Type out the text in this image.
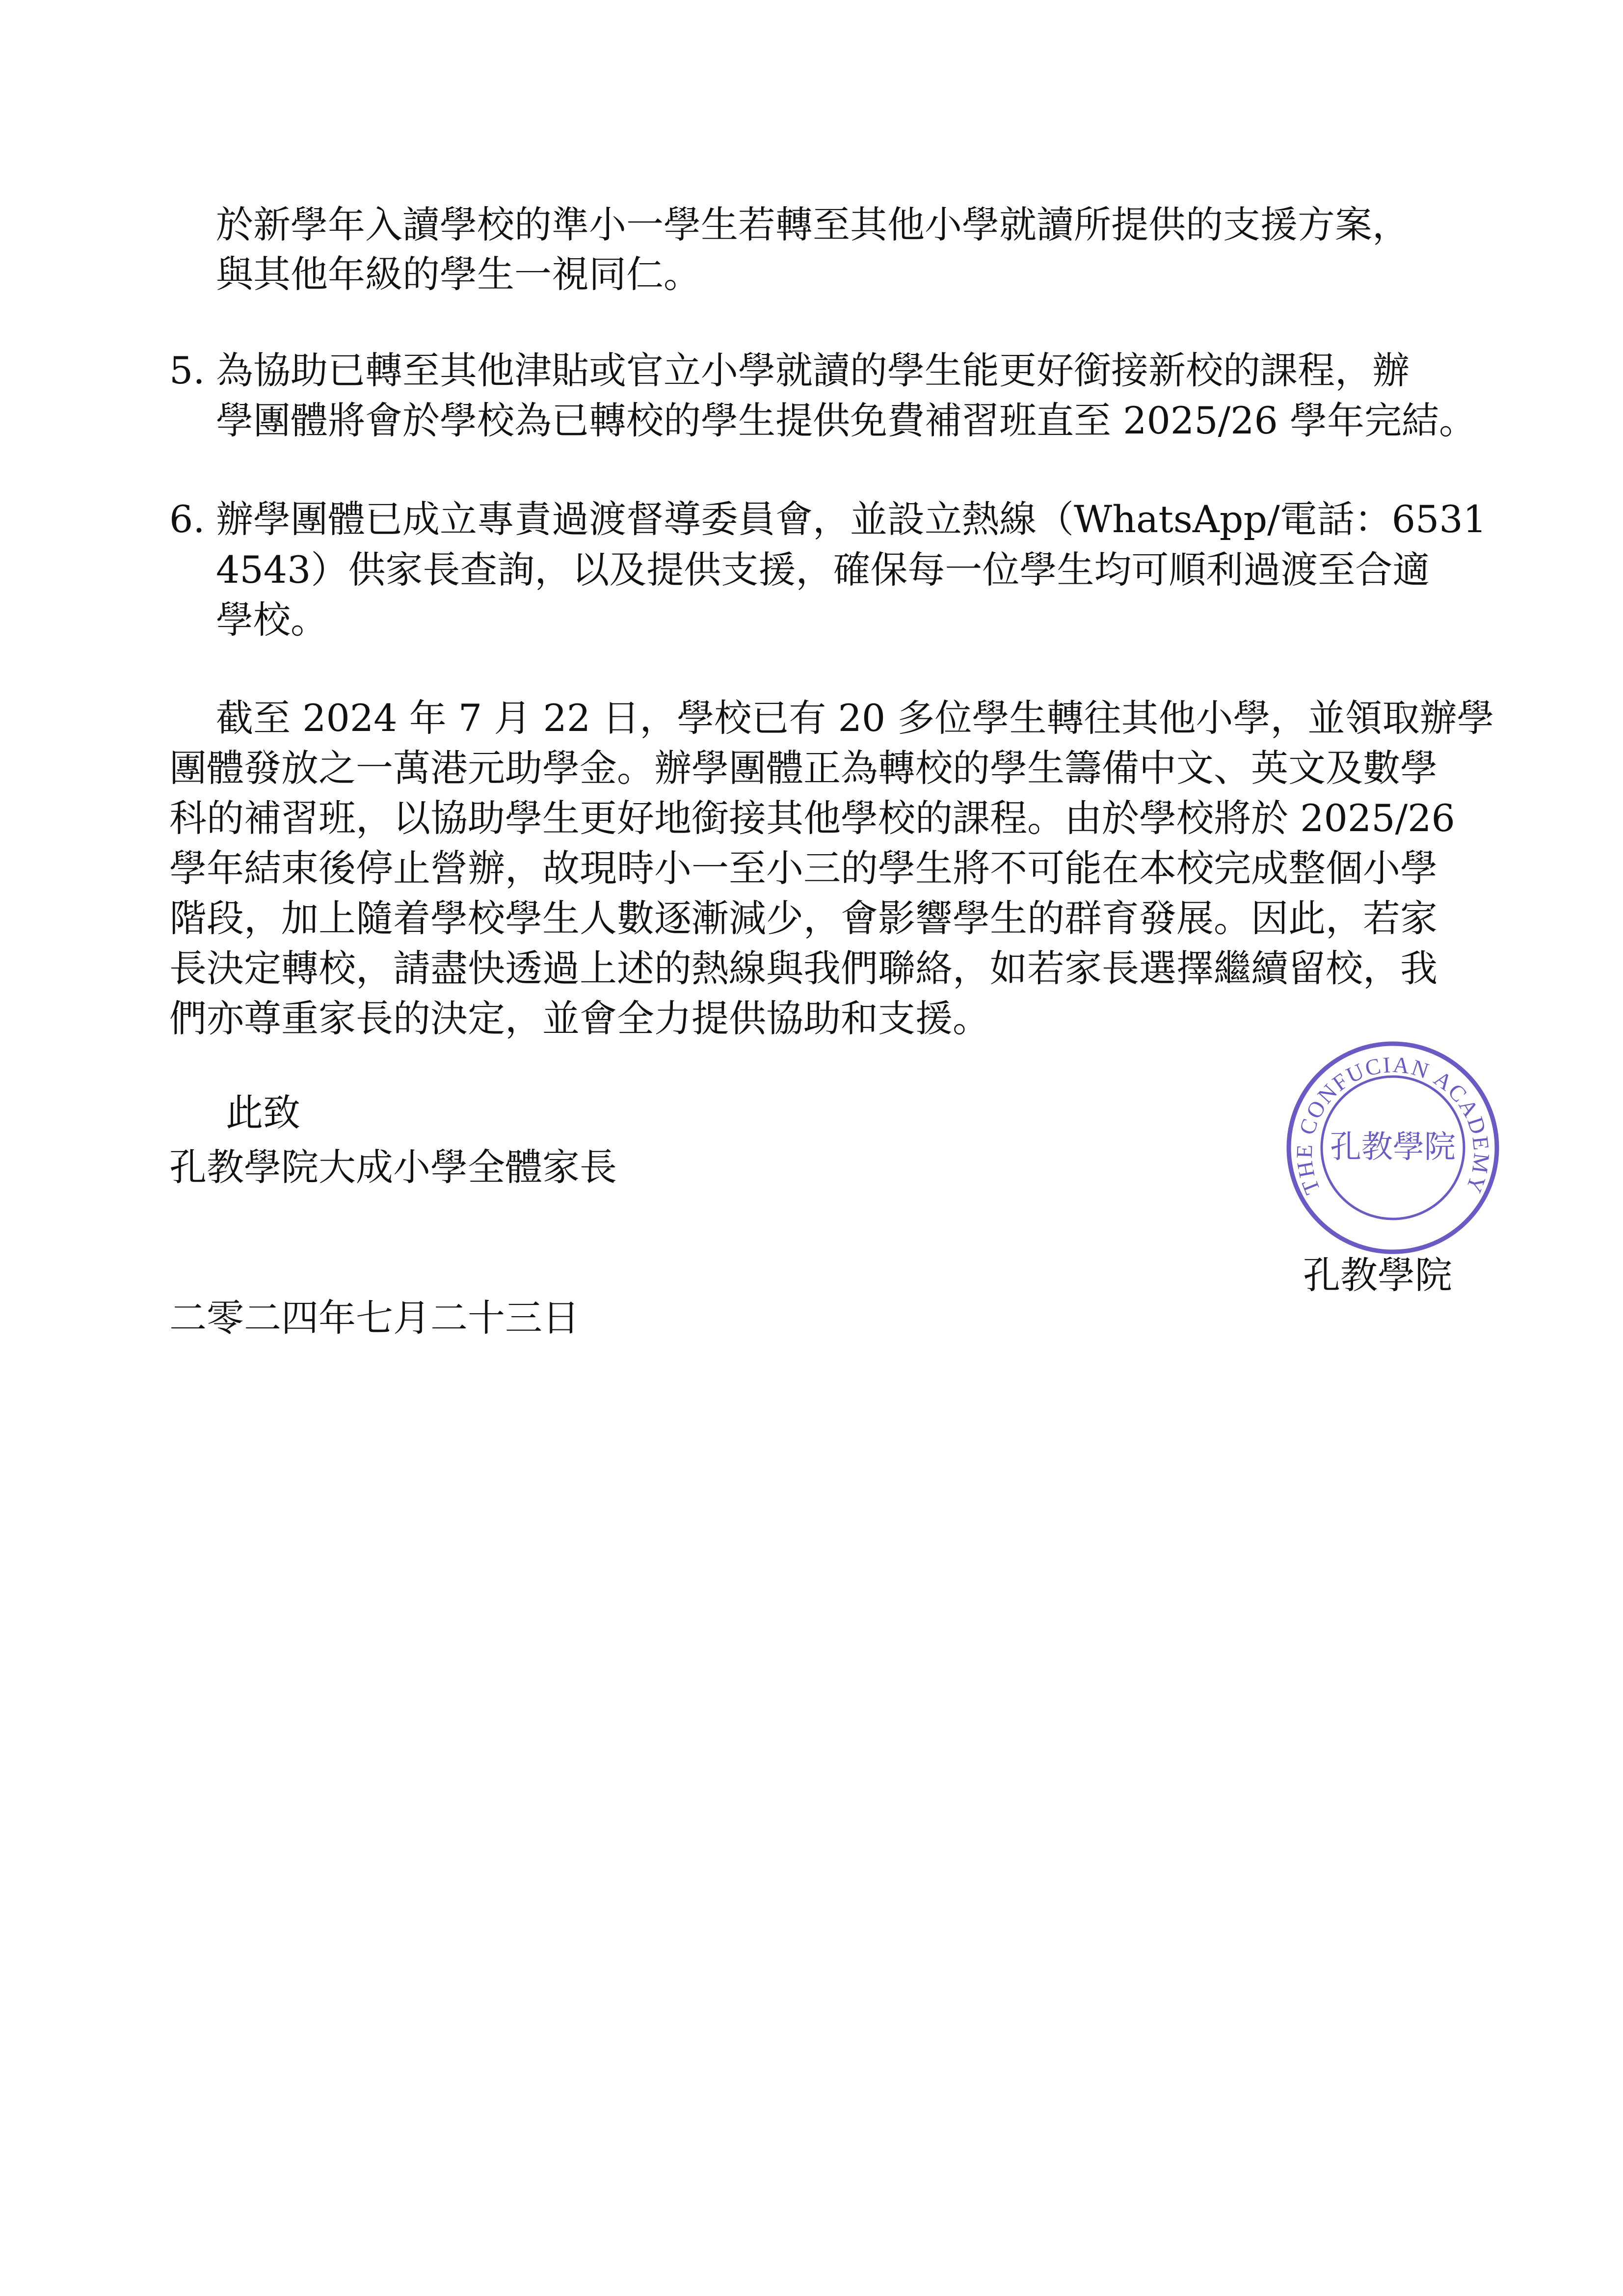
於新學年入讀學校的準小一學生若轉至其他小學就讀所提供的支援方案，
與其他年級的學生一視同仁。
5. 為協助已轉至其他津貼或官立小學就讀的學生能更好銜接新校的課程，辦
學團體將會於學校為已轉校的學生提供免費補習班直至 2025/26 學年完結。
6. 辦學團體已成立專責過渡督導委員會，並設立熱線（WhatsApp/電話：6531
4543）供家長查詢，以及提供支援，確保每一位學生均可順利過渡至合適
學校。
截至 2024 年 7 月 22 日，學校已有 20 多位學生轉往其他小學，並領取辦學
團體發放之一萬港元助學金。辦學團體正為轉校的學生籌備中文、英文及數學
科的補習班，以協助學生更好地銜接其他學校的課程。由於學校將於 2025/26
學年結束後停止營辦，故現時小一至小三的學生將不可能在本校完成整個小學
階段，加上隨着學校學生人數逐漸減少，會影響學生的群育發展。因此，若家
長決定轉校，請盡快透過上述的熱線與我們聯絡，如若家長選擇繼續留校，我
們亦尊重家長的決定，並會全力提供協助和支援。
此致
孔教學院大成小學全體家長	THE CONFUCIAN ACADEMY
孔教學院
孔教學院
二零二四年七月二十三日
